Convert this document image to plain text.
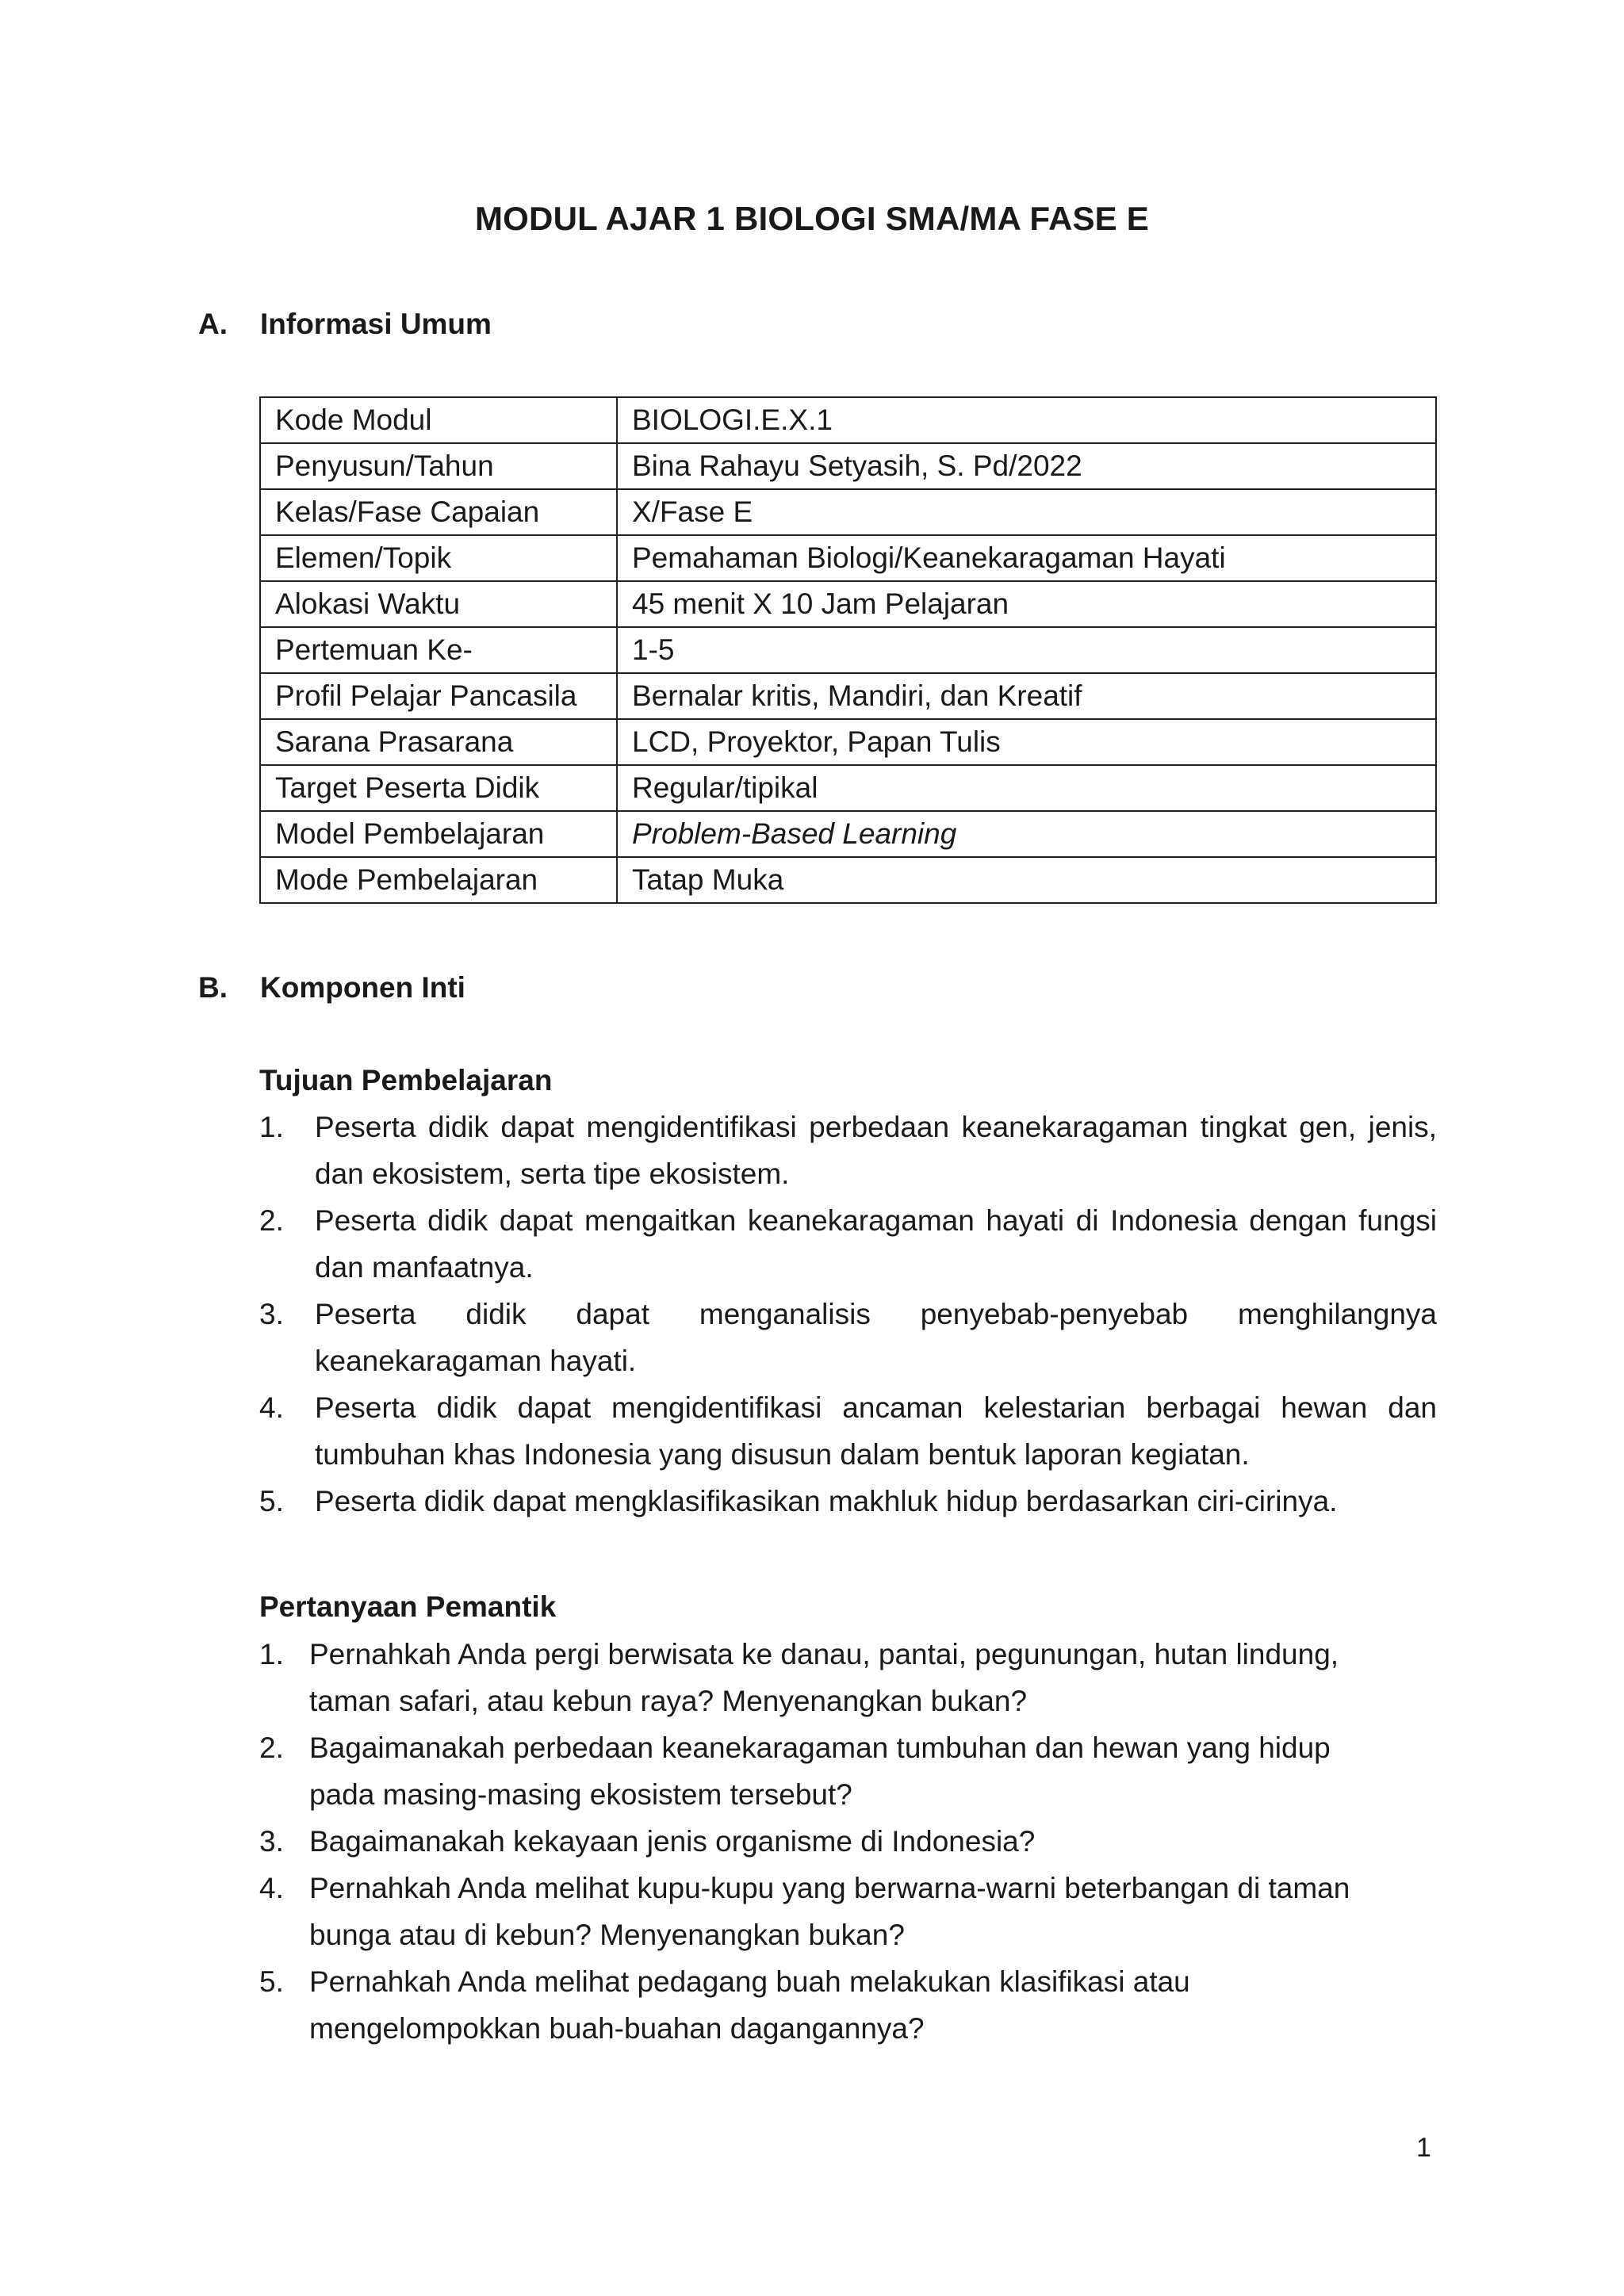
MODUL AJAR 1 BIOLOGI SMA/MA FASE E
A. Informasi Umum
Kode Modul	BIOLOGI.E.X.1
Penyusun/Tahun	Bina Rahayu Setyasih, S. Pd/2022
Kelas/Fase Capaian	X/Fase E
Elemen/Topik	Pemahaman Biologi/Keanekaragaman Hayati
Alokasi Waktu	45 menit X 10 Jam Pelajaran
Pertemuan Ke-	1-5
Profil Pelajar Pancasila	Bernalar kritis, Mandiri, dan Kreatif
Sarana Prasarana	LCD, Proyektor, Papan Tulis
Target Peserta Didik	Regular/tipikal
Model Pembelajaran	Problem-Based Learning
Mode Pembelajaran	Tatap Muka
B. Komponen Inti
Tujuan Pembelajaran
1.	Peserta didik dapat mengidentifikasi perbedaan keanekaragaman tingkat gen, jenis, dan ekosistem, serta tipe ekosistem.
2.	Peserta didik dapat mengaitkan keanekaragaman hayati di Indonesia dengan fungsi dan manfaatnya.
3.	Peserta didik dapat menganalisis penyebab-penyebab menghilangnya keanekaragaman hayati.
4.	Peserta didik dapat mengidentifikasi ancaman kelestarian berbagai hewan dan tumbuhan khas Indonesia yang disusun dalam bentuk laporan kegiatan.
5.	Peserta didik dapat mengklasifikasikan makhluk hidup berdasarkan ciri-cirinya.
Pertanyaan Pemantik
1. Pernahkah Anda pergi berwisata ke danau, pantai, pegunungan, hutan lindung,
taman safari, atau kebun raya? Menyenangkan bukan?
2. Bagaimanakah perbedaan keanekaragaman tumbuhan dan hewan yang hidup
pada masing-masing ekosistem tersebut?
3. Bagaimanakah kekayaan jenis organisme di Indonesia?
4. Pernahkah Anda melihat kupu-kupu yang berwarna-warni beterbangan di taman
bunga atau di kebun? Menyenangkan bukan?
5. Pernahkah Anda melihat pedagang buah melakukan klasifikasi atau
mengelompokkan buah-buahan dagangannya?
1
